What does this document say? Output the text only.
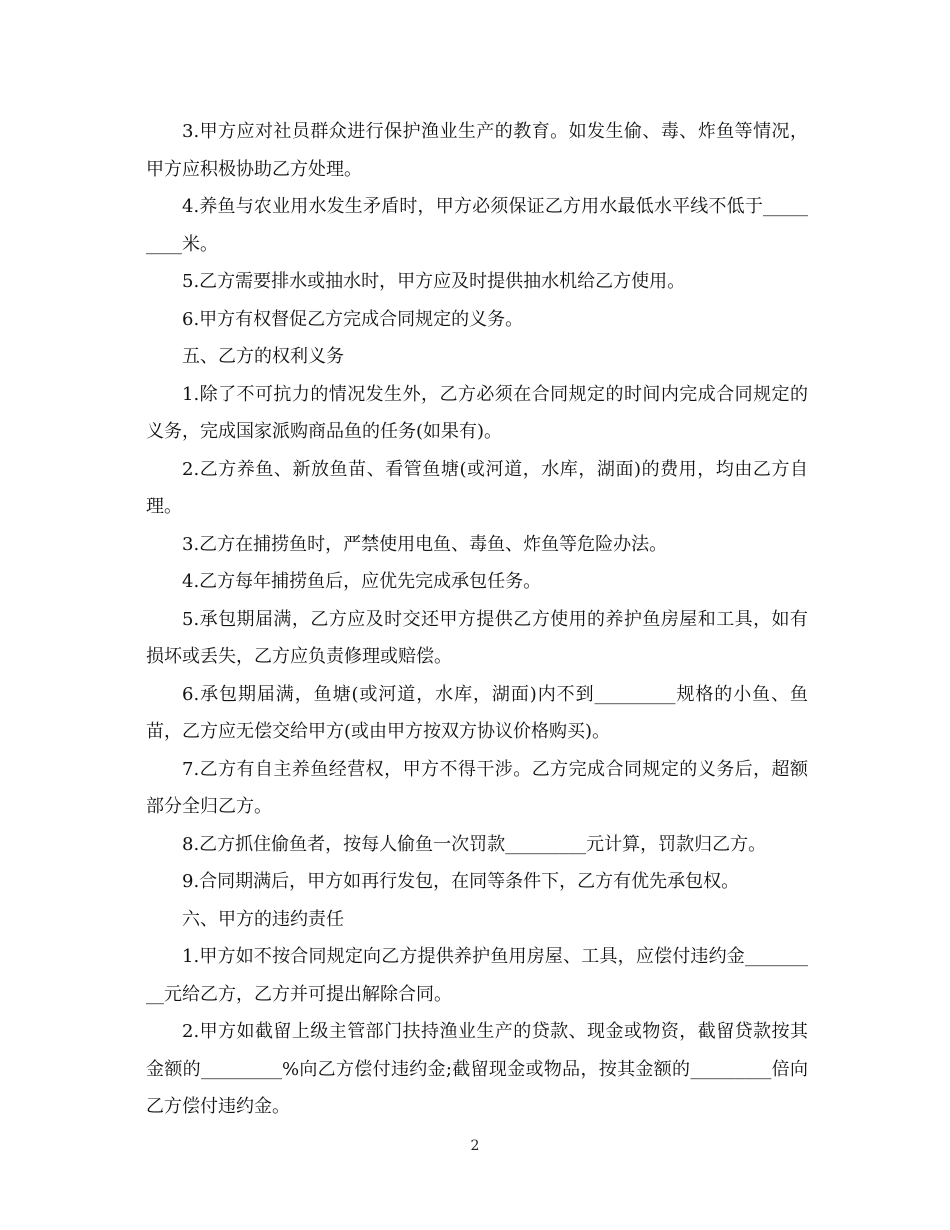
3.甲方应对社员群众进行保护渔业生产的教育。如发生偷、毒、炸鱼等情况，甲方应积极协助乙方处理。

4.养鱼与农业用水发生矛盾时，甲方必须保证乙方用水最低水平线不低于_________米。

5.乙方需要排水或抽水时，甲方应及时提供抽水机给乙方使用。

6.甲方有权督促乙方完成合同规定的义务。

五、乙方的权利义务

1.除了不可抗力的情况发生外，乙方必须在合同规定的时间内完成合同规定的义务，完成国家派购商品鱼的任务(如果有)。

2.乙方养鱼、新放鱼苗、看管鱼塘(或河道，水库，湖面)的费用，均由乙方自理。

3.乙方在捕捞鱼时，严禁使用电鱼、毒鱼、炸鱼等危险办法。

4.乙方每年捕捞鱼后，应优先完成承包任务。

5.承包期届满，乙方应及时交还甲方提供乙方使用的养护鱼房屋和工具，如有损坏或丢失，乙方应负责修理或赔偿。

6.承包期届满，鱼塘(或河道，水库，湖面)内不到_________规格的小鱼、鱼苗，乙方应无偿交给甲方(或由甲方按双方协议价格购买)。

7.乙方有自主养鱼经营权，甲方不得干涉。乙方完成合同规定的义务后，超额部分全归乙方。

8.乙方抓住偷鱼者，按每人偷鱼一次罚款_________元计算，罚款归乙方。

9.合同期满后，甲方如再行发包，在同等条件下，乙方有优先承包权。

六、甲方的违约责任

1.甲方如不按合同规定向乙方提供养护鱼用房屋、工具，应偿付违约金_________元给乙方，乙方并可提出解除合同。

2.甲方如截留上级主管部门扶持渔业生产的贷款、现金或物资，截留贷款按其金额的_________%向乙方偿付违约金;截留现金或物品，按其金额的_________倍向乙方偿付违约金。

2
